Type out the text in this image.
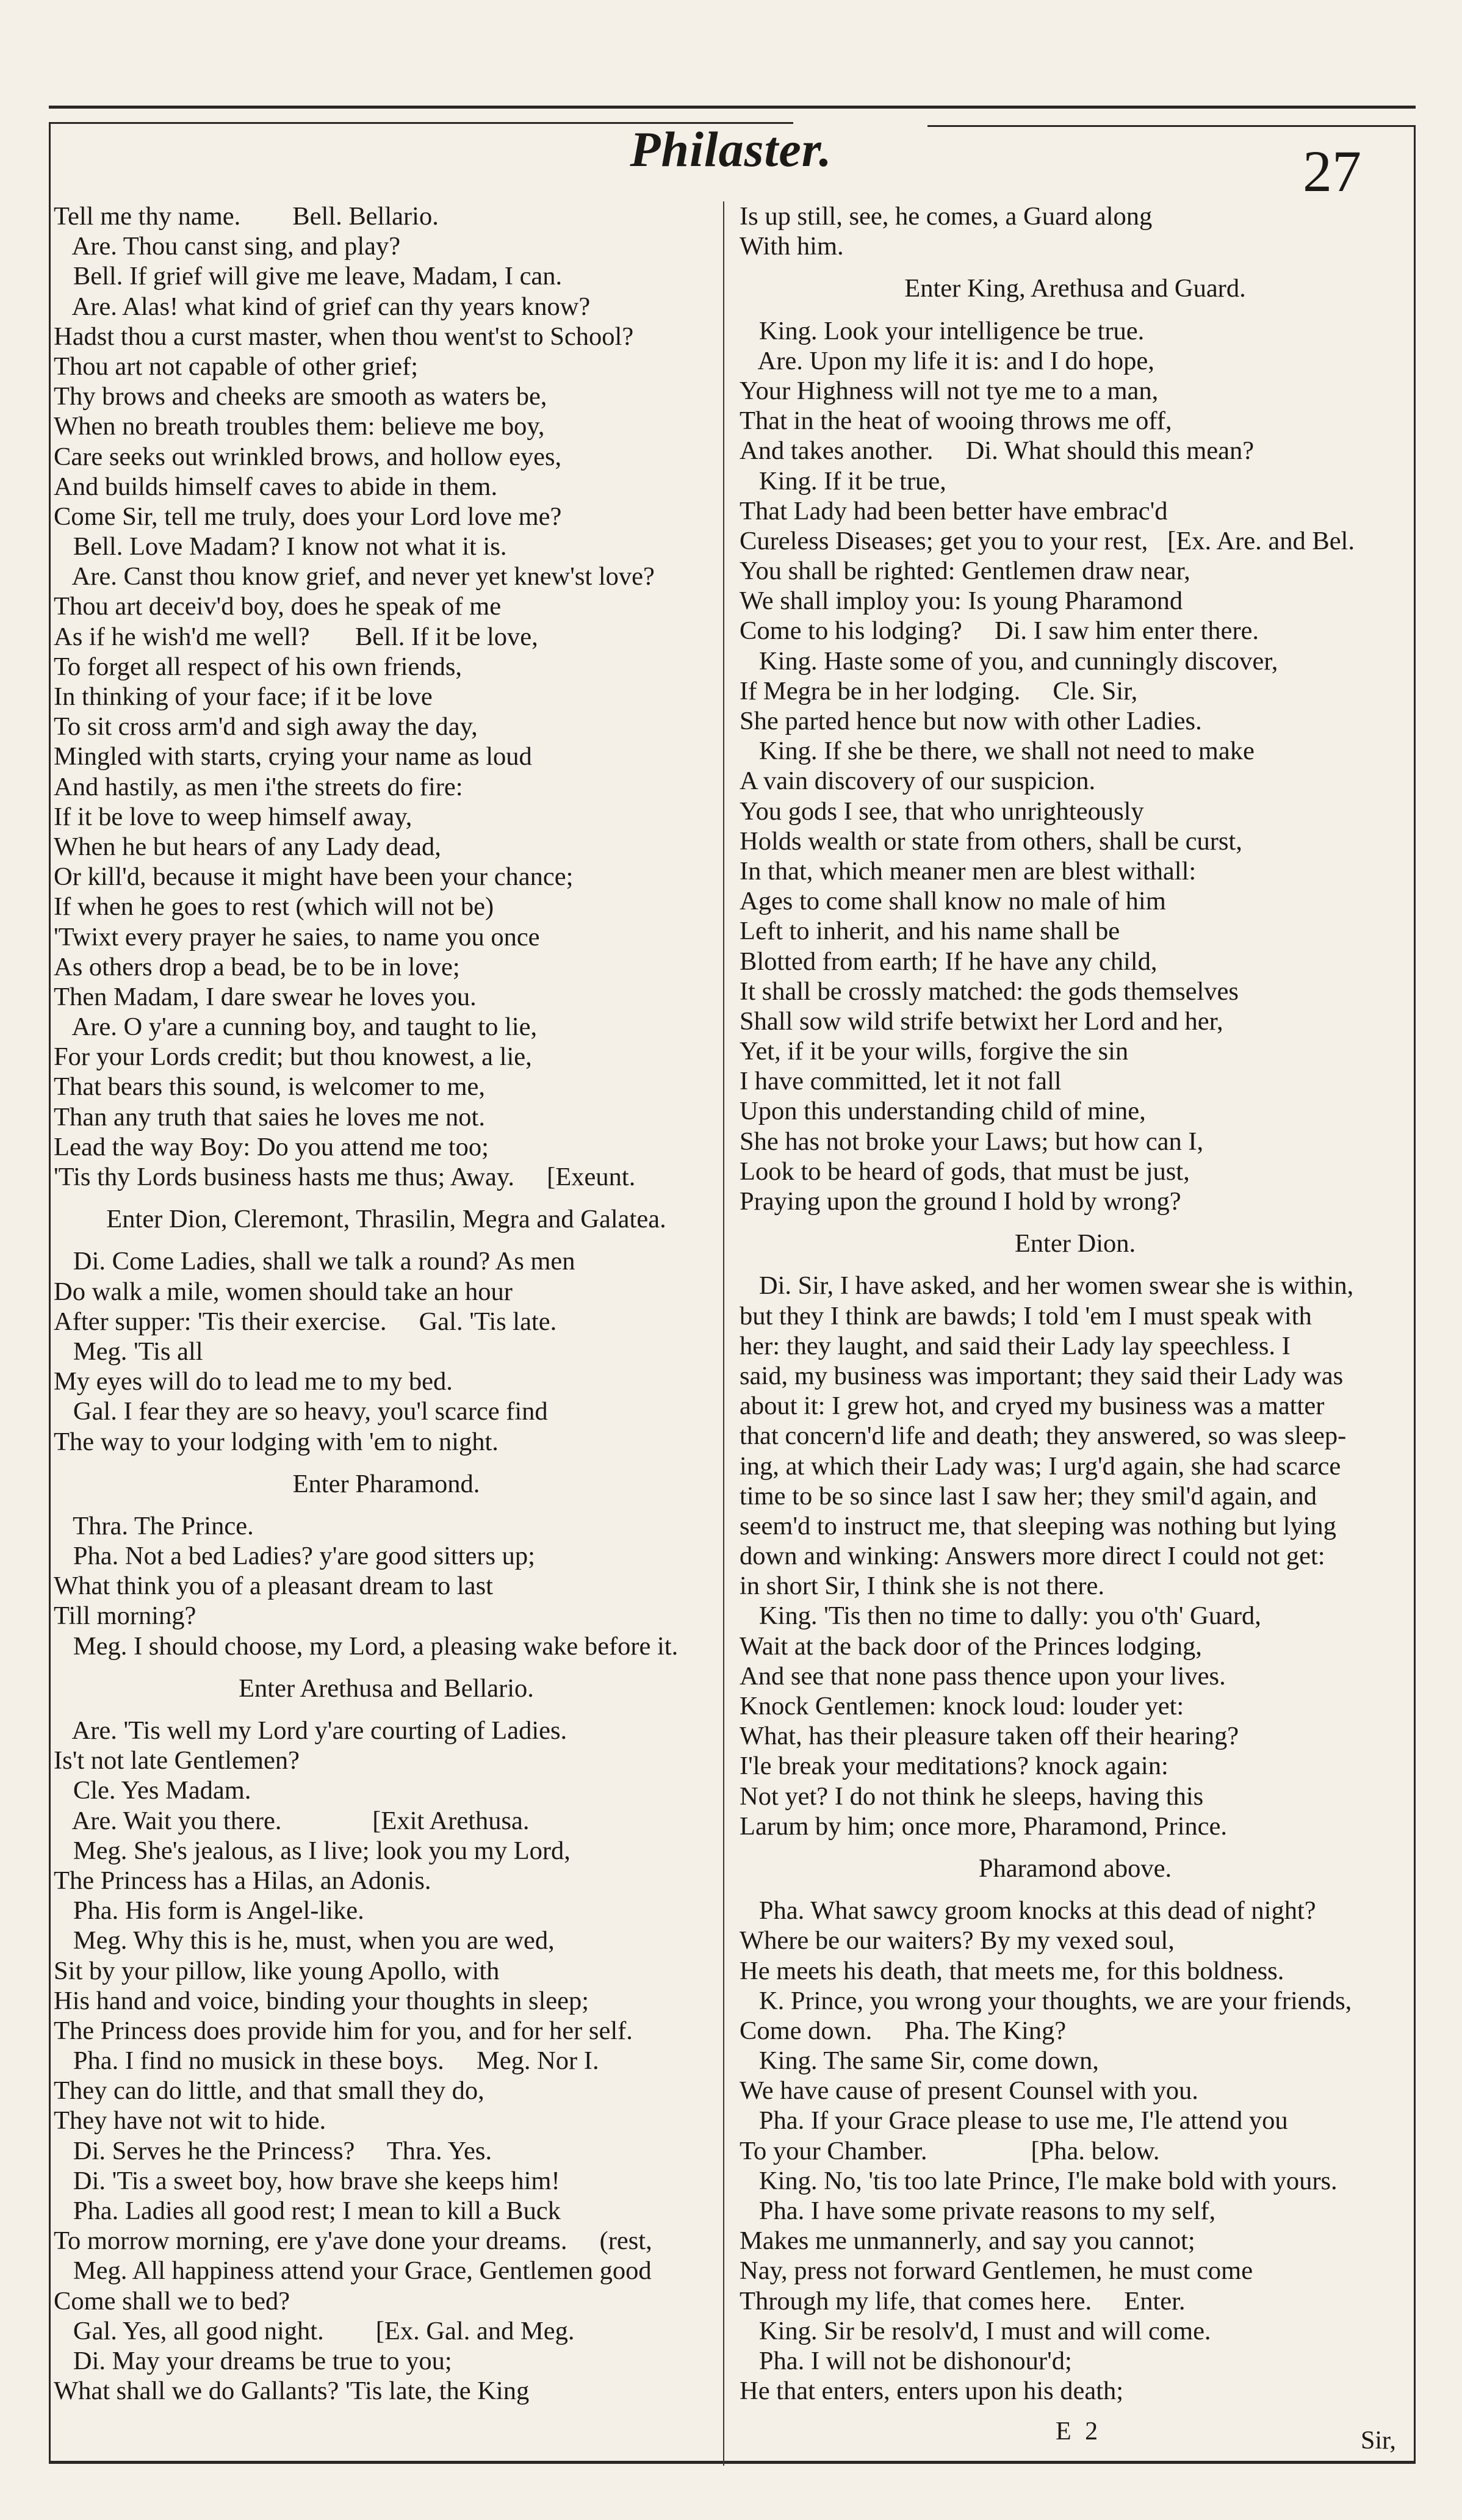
Philaster.	27
Tell me thy name.        Bell. Bellario.
Are. Thou canst sing, and play?
Bell. If grief will give me leave, Madam, I can.
Are. Alas! what kind of grief can thy years know?
Hadst thou a curst master, when thou went'st to School?
Thou art not capable of other grief;
Thy brows and cheeks are smooth as waters be,
When no breath troubles them: believe me boy,
Care seeks out wrinkled brows, and hollow eyes,
And builds himself caves to abide in them.
Come Sir, tell me truly, does your Lord love me?
Bell. Love Madam? I know not what it is.
Are. Canst thou know grief, and never yet knew'st love?
Thou art deceiv'd boy, does he speak of me
As if he wish'd me well?       Bell. If it be love,
To forget all respect of his own friends,
In thinking of your face; if it be love
To sit cross arm'd and sigh away the day,
Mingled with starts, crying your name as loud
And hastily, as men i'the streets do fire:
If it be love to weep himself away,
When he but hears of any Lady dead,
Or kill'd, because it might have been your chance;
If when he goes to rest (which will not be)
'Twixt every prayer he saies, to name you once
As others drop a bead, be to be in love;
Then Madam, I dare swear he loves you.
Are. O y'are a cunning boy, and taught to lie,
For your Lords credit; but thou knowest, a lie,
That bears this sound, is welcomer to me,
Than any truth that saies he loves me not.
Lead the way Boy: Do you attend me too;
'Tis thy Lords business hasts me thus; Away.     [Exeunt.
Enter Dion, Cleremont, Thrasilin, Megra and Galatea.
Di. Come Ladies, shall we talk a round? As men
Do walk a mile, women should take an hour
After supper: 'Tis their exercise.     Gal. 'Tis late.
Meg. 'Tis all
My eyes will do to lead me to my bed.
Gal. I fear they are so heavy, you'l scarce find
The way to your lodging with 'em to night.
Enter Pharamond.
Thra. The Prince.
Pha. Not a bed Ladies? y'are good sitters up;
What think you of a pleasant dream to last
Till morning?
Meg. I should choose, my Lord, a pleasing wake before it.
Enter Arethusa and Bellario.
Are. 'Tis well my Lord y'are courting of Ladies.
Is't not late Gentlemen?
Cle. Yes Madam.
Are. Wait you there.              [Exit Arethusa.
Meg. She's jealous, as I live; look you my Lord,
The Princess has a Hilas, an Adonis.
Pha. His form is Angel-like.
Meg. Why this is he, must, when you are wed,
Sit by your pillow, like young Apollo, with
His hand and voice, binding your thoughts in sleep;
The Princess does provide him for you, and for her self.
Pha. I find no musick in these boys.     Meg. Nor I.
They can do little, and that small they do,
They have not wit to hide.
Di. Serves he the Princess?     Thra. Yes.
Di. 'Tis a sweet boy, how brave she keeps him!
Pha. Ladies all good rest; I mean to kill a Buck
To morrow morning, ere y'ave done your dreams.     (rest,
Meg. All happiness attend your Grace, Gentlemen good
Come shall we to bed?
Gal. Yes, all good night.        [Ex. Gal. and Meg.
Di. May your dreams be true to you;
What shall we do Gallants? 'Tis late, the King
Is up still, see, he comes, a Guard along
With him.
Enter King, Arethusa and Guard.
King. Look your intelligence be true.
Are. Upon my life it is: and I do hope,
Your Highness will not tye me to a man,
That in the heat of wooing throws me off,
And takes another.     Di. What should this mean?
King. If it be true,
That Lady had been better have embrac'd
Cureless Diseases; get you to your rest,   [Ex. Are. and Bel.
You shall be righted: Gentlemen draw near,
We shall imploy you: Is young Pharamond
Come to his lodging?     Di. I saw him enter there.
King. Haste some of you, and cunningly discover,
If Megra be in her lodging.     Cle. Sir,
She parted hence but now with other Ladies.
King. If she be there, we shall not need to make
A vain discovery of our suspicion.
You gods I see, that who unrighteously
Holds wealth or state from others, shall be curst,
In that, which meaner men are blest withall:
Ages to come shall know no male of him
Left to inherit, and his name shall be
Blotted from earth; If he have any child,
It shall be crossly matched: the gods themselves
Shall sow wild strife betwixt her Lord and her,
Yet, if it be your wills, forgive the sin
I have committed, let it not fall
Upon this understanding child of mine,
She has not broke your Laws; but how can I,
Look to be heard of gods, that must be just,
Praying upon the ground I hold by wrong?
Enter Dion.
Di. Sir, I have asked, and her women swear she is within,
but they I think are bawds; I told 'em I must speak with
her: they laught, and said their Lady lay speechless. I
said, my business was important; they said their Lady was
about it: I grew hot, and cryed my business was a matter
that concern'd life and death; they answered, so was sleep-
ing, at which their Lady was; I urg'd again, she had scarce
time to be so since last I saw her; they smil'd again, and
seem'd to instruct me, that sleeping was nothing but lying
down and winking: Answers more direct I could not get:
in short Sir, I think she is not there.
King. 'Tis then no time to dally: you o'th' Guard,
Wait at the back door of the Princes lodging,
And see that none pass thence upon your lives.
Knock Gentlemen: knock loud: louder yet:
What, has their pleasure taken off their hearing?
I'le break your meditations? knock again:
Not yet? I do not think he sleeps, having this
Larum by him; once more, Pharamond, Prince.
Pharamond above.
Pha. What sawcy groom knocks at this dead of night?
Where be our waiters? By my vexed soul,
He meets his death, that meets me, for this boldness.
K. Prince, you wrong your thoughts, we are your friends,
Come down.     Pha. The King?
King. The same Sir, come down,
We have cause of present Counsel with you.
Pha. If your Grace please to use me, I'le attend you
To your Chamber.                [Pha. below.
King. No, 'tis too late Prince, I'le make bold with yours.
Pha. I have some private reasons to my self,
Makes me unmannerly, and say you cannot;
Nay, press not forward Gentlemen, he must come
Through my life, that comes here.     Enter.
King. Sir be resolv'd, I must and will come.
Pha. I will not be dishonour'd;
He that enters, enters upon his death;
E 2	Sir,
